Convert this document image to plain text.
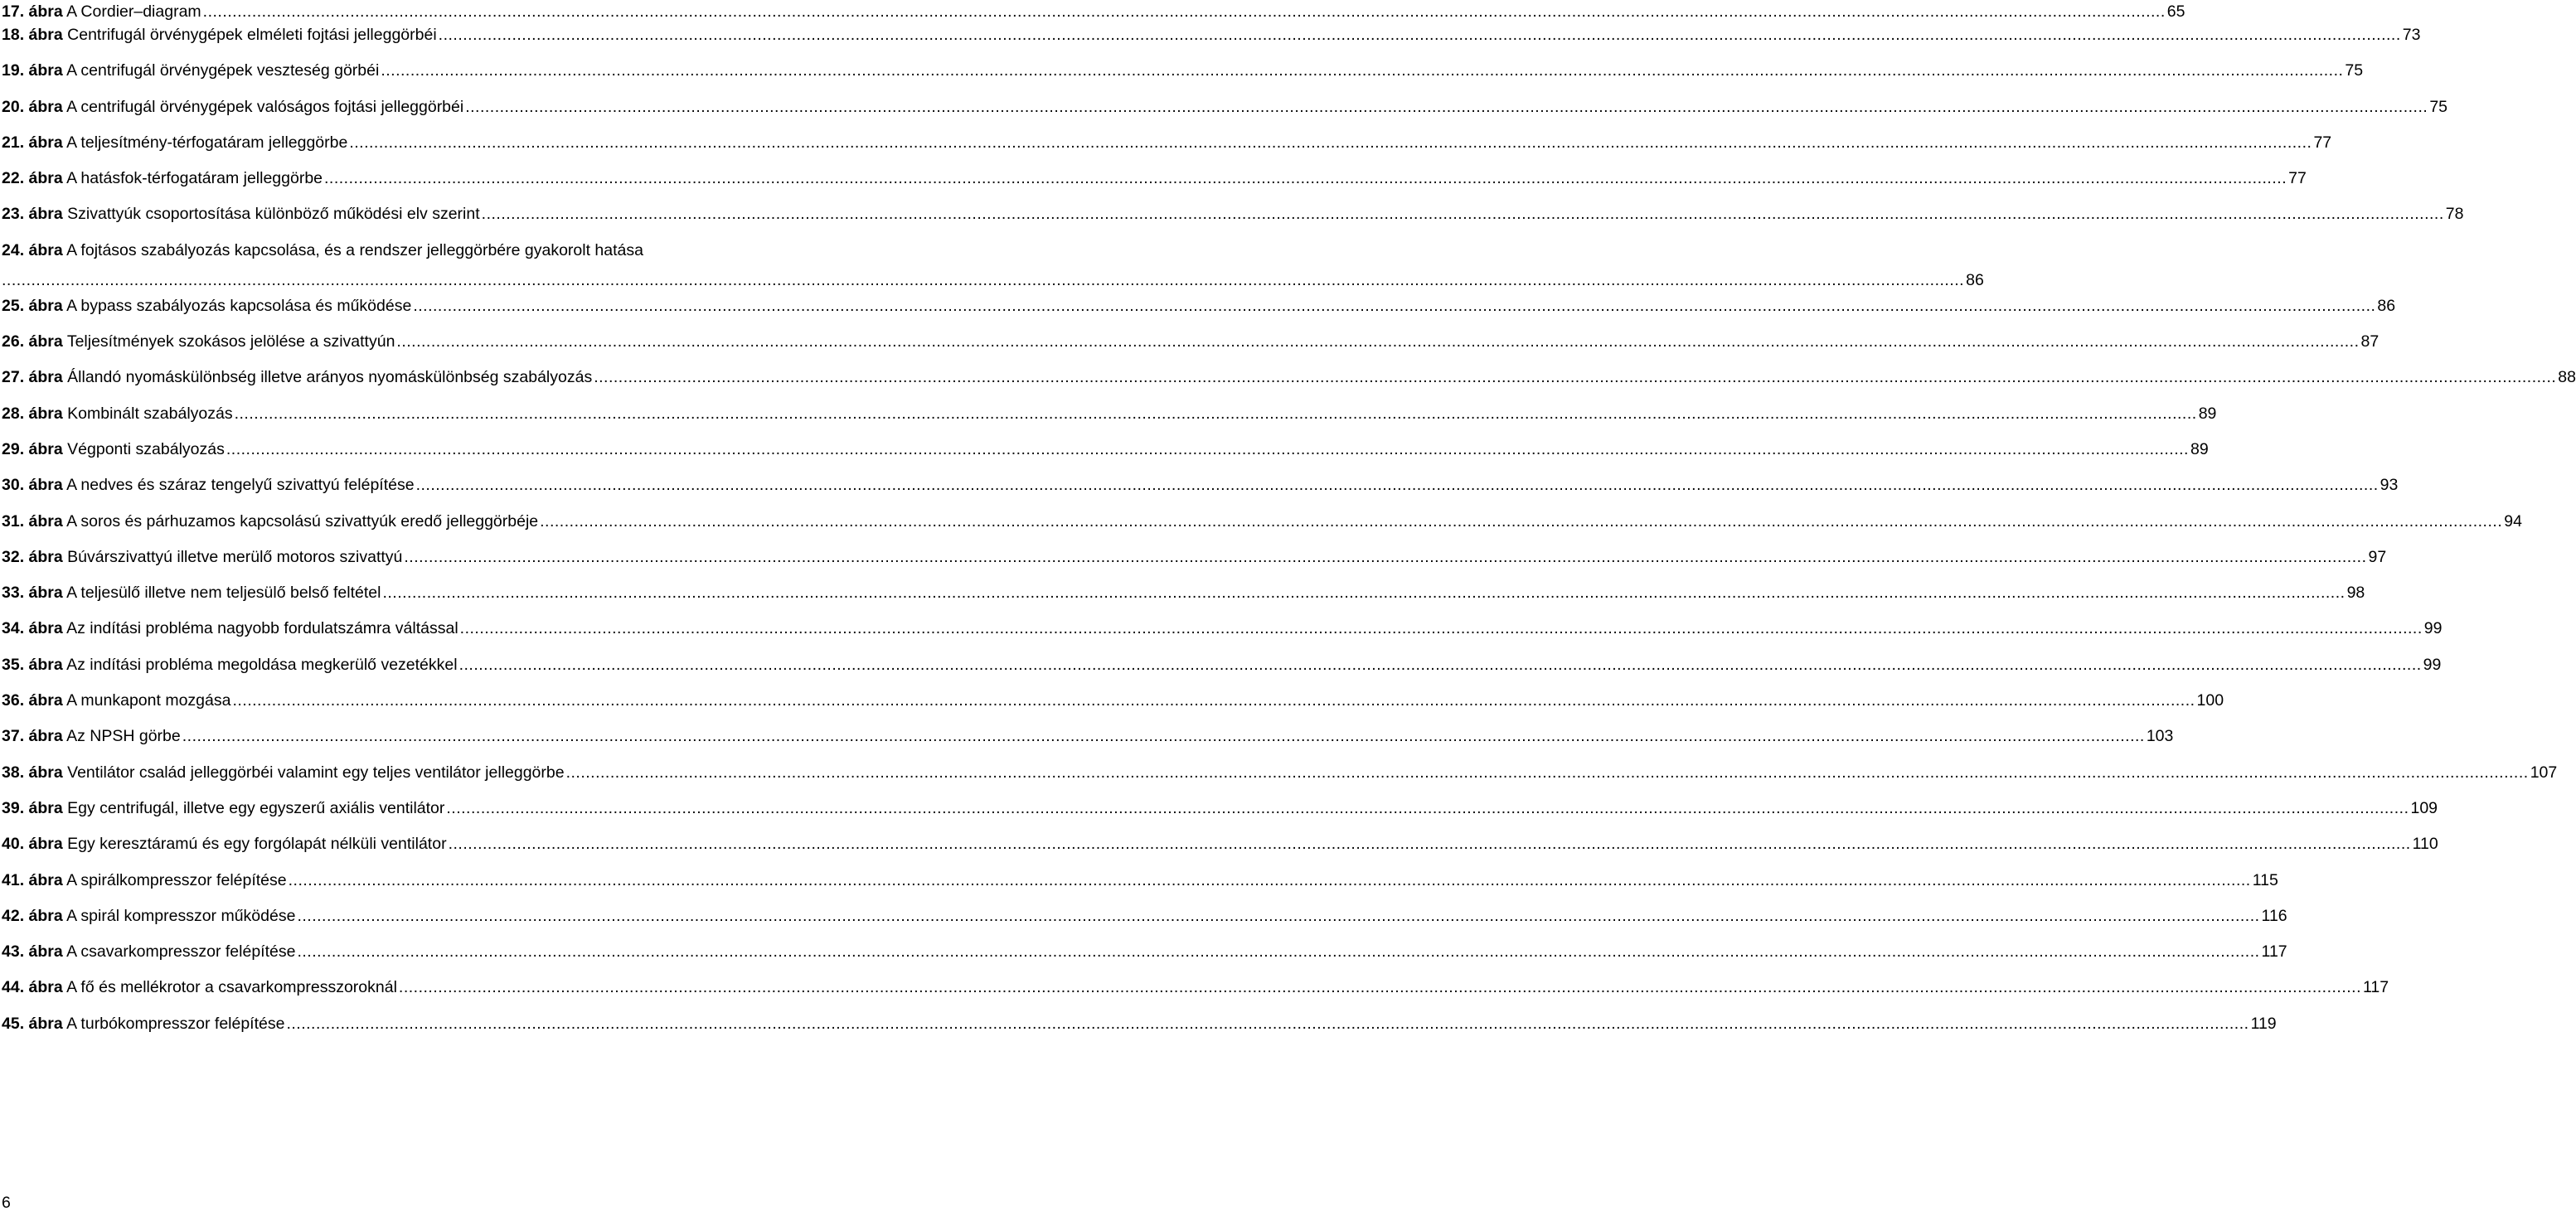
17. ábra A Cordier–diagram ................................................................................................................................................................................................................................................................................................................................................................................................................ 65
18. ábra Centrifugál örvénygépek elméleti fojtási jelleggörbéi ................................................................................................................................................................................................................................................................................................................................................................................................................ 73
19. ábra A centrifugál örvénygépek veszteség görbéi ................................................................................................................................................................................................................................................................................................................................................................................................................ 75
20. ábra A centrifugál örvénygépek valóságos fojtási jelleggörbéi ................................................................................................................................................................................................................................................................................................................................................................................................................ 75
21. ábra A teljesítmény-térfogatáram jelleggörbe ................................................................................................................................................................................................................................................................................................................................................................................................................ 77
22. ábra A hatásfok-térfogatáram jelleggörbe ................................................................................................................................................................................................................................................................................................................................................................................................................ 77
23. ábra Szivattyúk csoportosítása különböző működési elv szerint ................................................................................................................................................................................................................................................................................................................................................................................................................ 78
24. ábra A fojtásos szabályozás kapcsolása, és a rendszer jelleggörbére gyakorolt hatása
................................................................................................................................................................................................................................................................................................................................................................................................................ 86
25. ábra A bypass szabályozás kapcsolása és működése ................................................................................................................................................................................................................................................................................................................................................................................................................ 86
26. ábra Teljesítmények szokásos jelölése a szivattyún ................................................................................................................................................................................................................................................................................................................................................................................................................ 87
27. ábra Állandó nyomáskülönbség illetve arányos nyomáskülönbség szabályozás ................................................................................................................................................................................................................................................................................................................................................................................................................ 88
28. ábra Kombinált szabályozás ................................................................................................................................................................................................................................................................................................................................................................................................................ 89
29. ábra Végponti szabályozás ................................................................................................................................................................................................................................................................................................................................................................................................................ 89
30. ábra A nedves és száraz tengelyű szivattyú felépítése ................................................................................................................................................................................................................................................................................................................................................................................................................ 93
31. ábra A soros és párhuzamos kapcsolású szivattyúk eredő jelleggörbéje ................................................................................................................................................................................................................................................................................................................................................................................................................ 94
32. ábra Búvárszivattyú illetve merülő motoros szivattyú ................................................................................................................................................................................................................................................................................................................................................................................................................ 97
33. ábra A teljesülő illetve nem teljesülő belső feltétel ................................................................................................................................................................................................................................................................................................................................................................................................................ 98
34. ábra Az indítási probléma nagyobb fordulatszámra váltással ................................................................................................................................................................................................................................................................................................................................................................................................................ 99
35. ábra Az indítási probléma megoldása megkerülő vezetékkel ................................................................................................................................................................................................................................................................................................................................................................................................................ 99
36. ábra A munkapont mozgása ................................................................................................................................................................................................................................................................................................................................................................................................................ 100
37. ábra Az NPSH görbe ................................................................................................................................................................................................................................................................................................................................................................................................................ 103
38. ábra Ventilátor család jelleggörbéi valamint egy teljes ventilátor jelleggörbe ................................................................................................................................................................................................................................................................................................................................................................................................................ 107
39. ábra Egy centrifugál, illetve egy egyszerű axiális ventilátor ................................................................................................................................................................................................................................................................................................................................................................................................................ 109
40. ábra Egy keresztáramú és egy forgólapát nélküli ventilátor ................................................................................................................................................................................................................................................................................................................................................................................................................ 110
41. ábra A spirálkompresszor felépítése ................................................................................................................................................................................................................................................................................................................................................................................................................ 115
42. ábra A spirál kompresszor működése ................................................................................................................................................................................................................................................................................................................................................................................................................ 116
43. ábra A csavarkompresszor felépítése ................................................................................................................................................................................................................................................................................................................................................................................................................ 117
44. ábra A fő és mellékrotor a csavarkompresszoroknál ................................................................................................................................................................................................................................................................................................................................................................................................................ 117
45. ábra A turbókompresszor felépítése ................................................................................................................................................................................................................................................................................................................................................................................................................ 119
6
